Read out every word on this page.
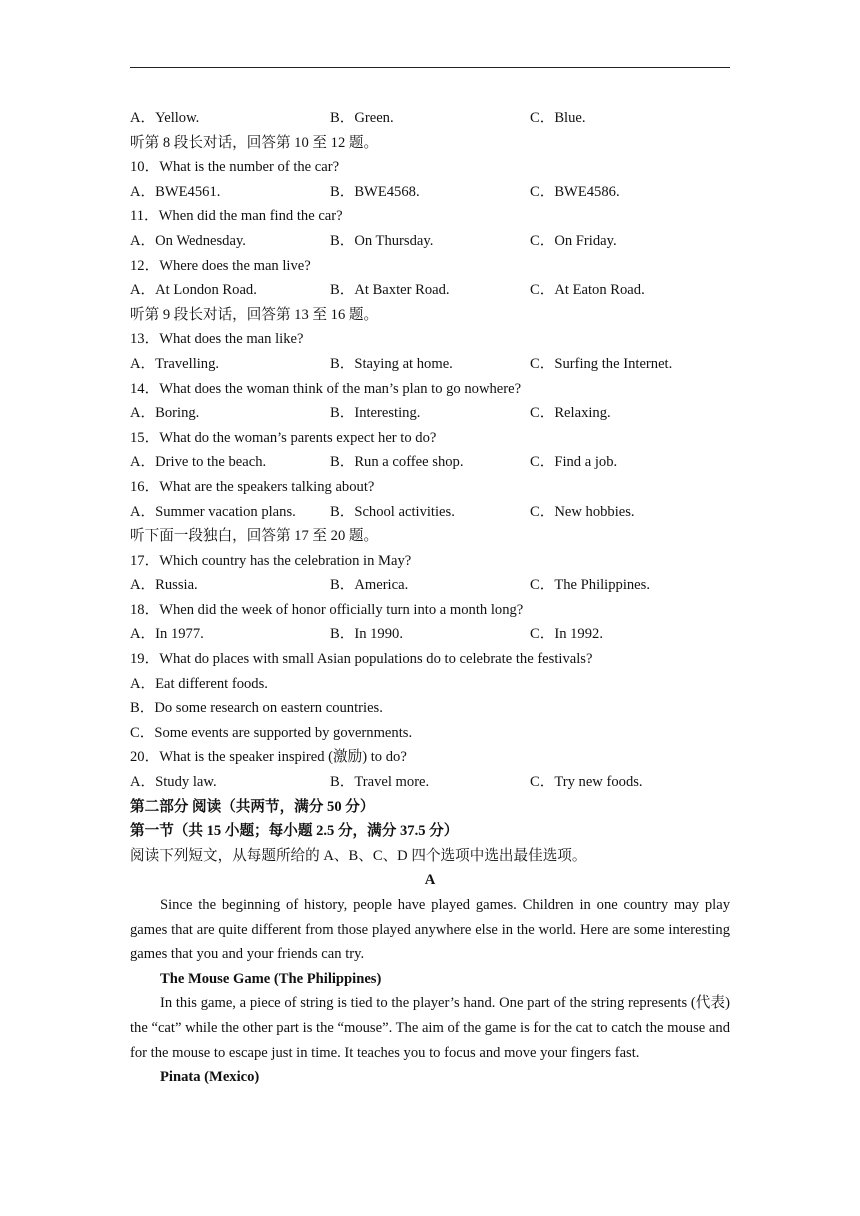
A．Yellow.	B．Green.	C．Blue.
听第 8 段长对话，回答第 10 至 12 题。
10．What is the number of the car?
A．BWE4561.	B．BWE4568.	C．BWE4586.
11．When did the man find the car?
A．On Wednesday.	B．On Thursday.	C．On Friday.
12．Where does the man live?
A．At London Road.	B．At Baxter Road.	C．At Eaton Road.
听第 9 段长对话，回答第 13 至 16 题。
13．What does the man like?
A．Travelling.	B．Staying at home.	C．Surfing the Internet.
14．What does the woman think of the man’s plan to go nowhere?
A．Boring.	B．Interesting.	C．Relaxing.
15．What do the woman’s parents expect her to do?
A．Drive to the beach.	B．Run a coffee shop.	C．Find a job.
16．What are the speakers talking about?
A．Summer vacation plans.	B．School activities.	C．New hobbies.
听下面一段独白，回答第 17 至 20 题。
17．Which country has the celebration in May?
A．Russia.	B．America.	C．The Philippines.
18．When did the week of honor officially turn into a month long?
A．In 1977.	B．In 1990.	C．In 1992.
19．What do places with small Asian populations do to celebrate the festivals?
A．Eat different foods.
B．Do some research on eastern countries.
C．Some events are supported by governments.
20．What is the speaker inspired (激励) to do?
A．Study law.	B．Travel more.	C．Try new foods.
第二部分 阅读（共两节，满分 50 分）
第一节（共 15 小题；每小题 2.5 分，满分 37.5 分）
阅读下列短文，从每题所给的 A、B、C、D 四个选项中选出最佳选项。
A
Since the beginning of history, people have played games. Children in one country may play games that are quite different from those played anywhere else in the world. Here are some interesting games that you and your friends can try.
The Mouse Game (The Philippines)
In this game, a piece of string is tied to the player’s hand. One part of the string represents (代表) the “cat” while the other part is the “mouse”. The aim of the game is for the cat to catch the mouse and for the mouse to escape just in time. It teaches you to focus and move your fingers fast.
Pinata (Mexico)
